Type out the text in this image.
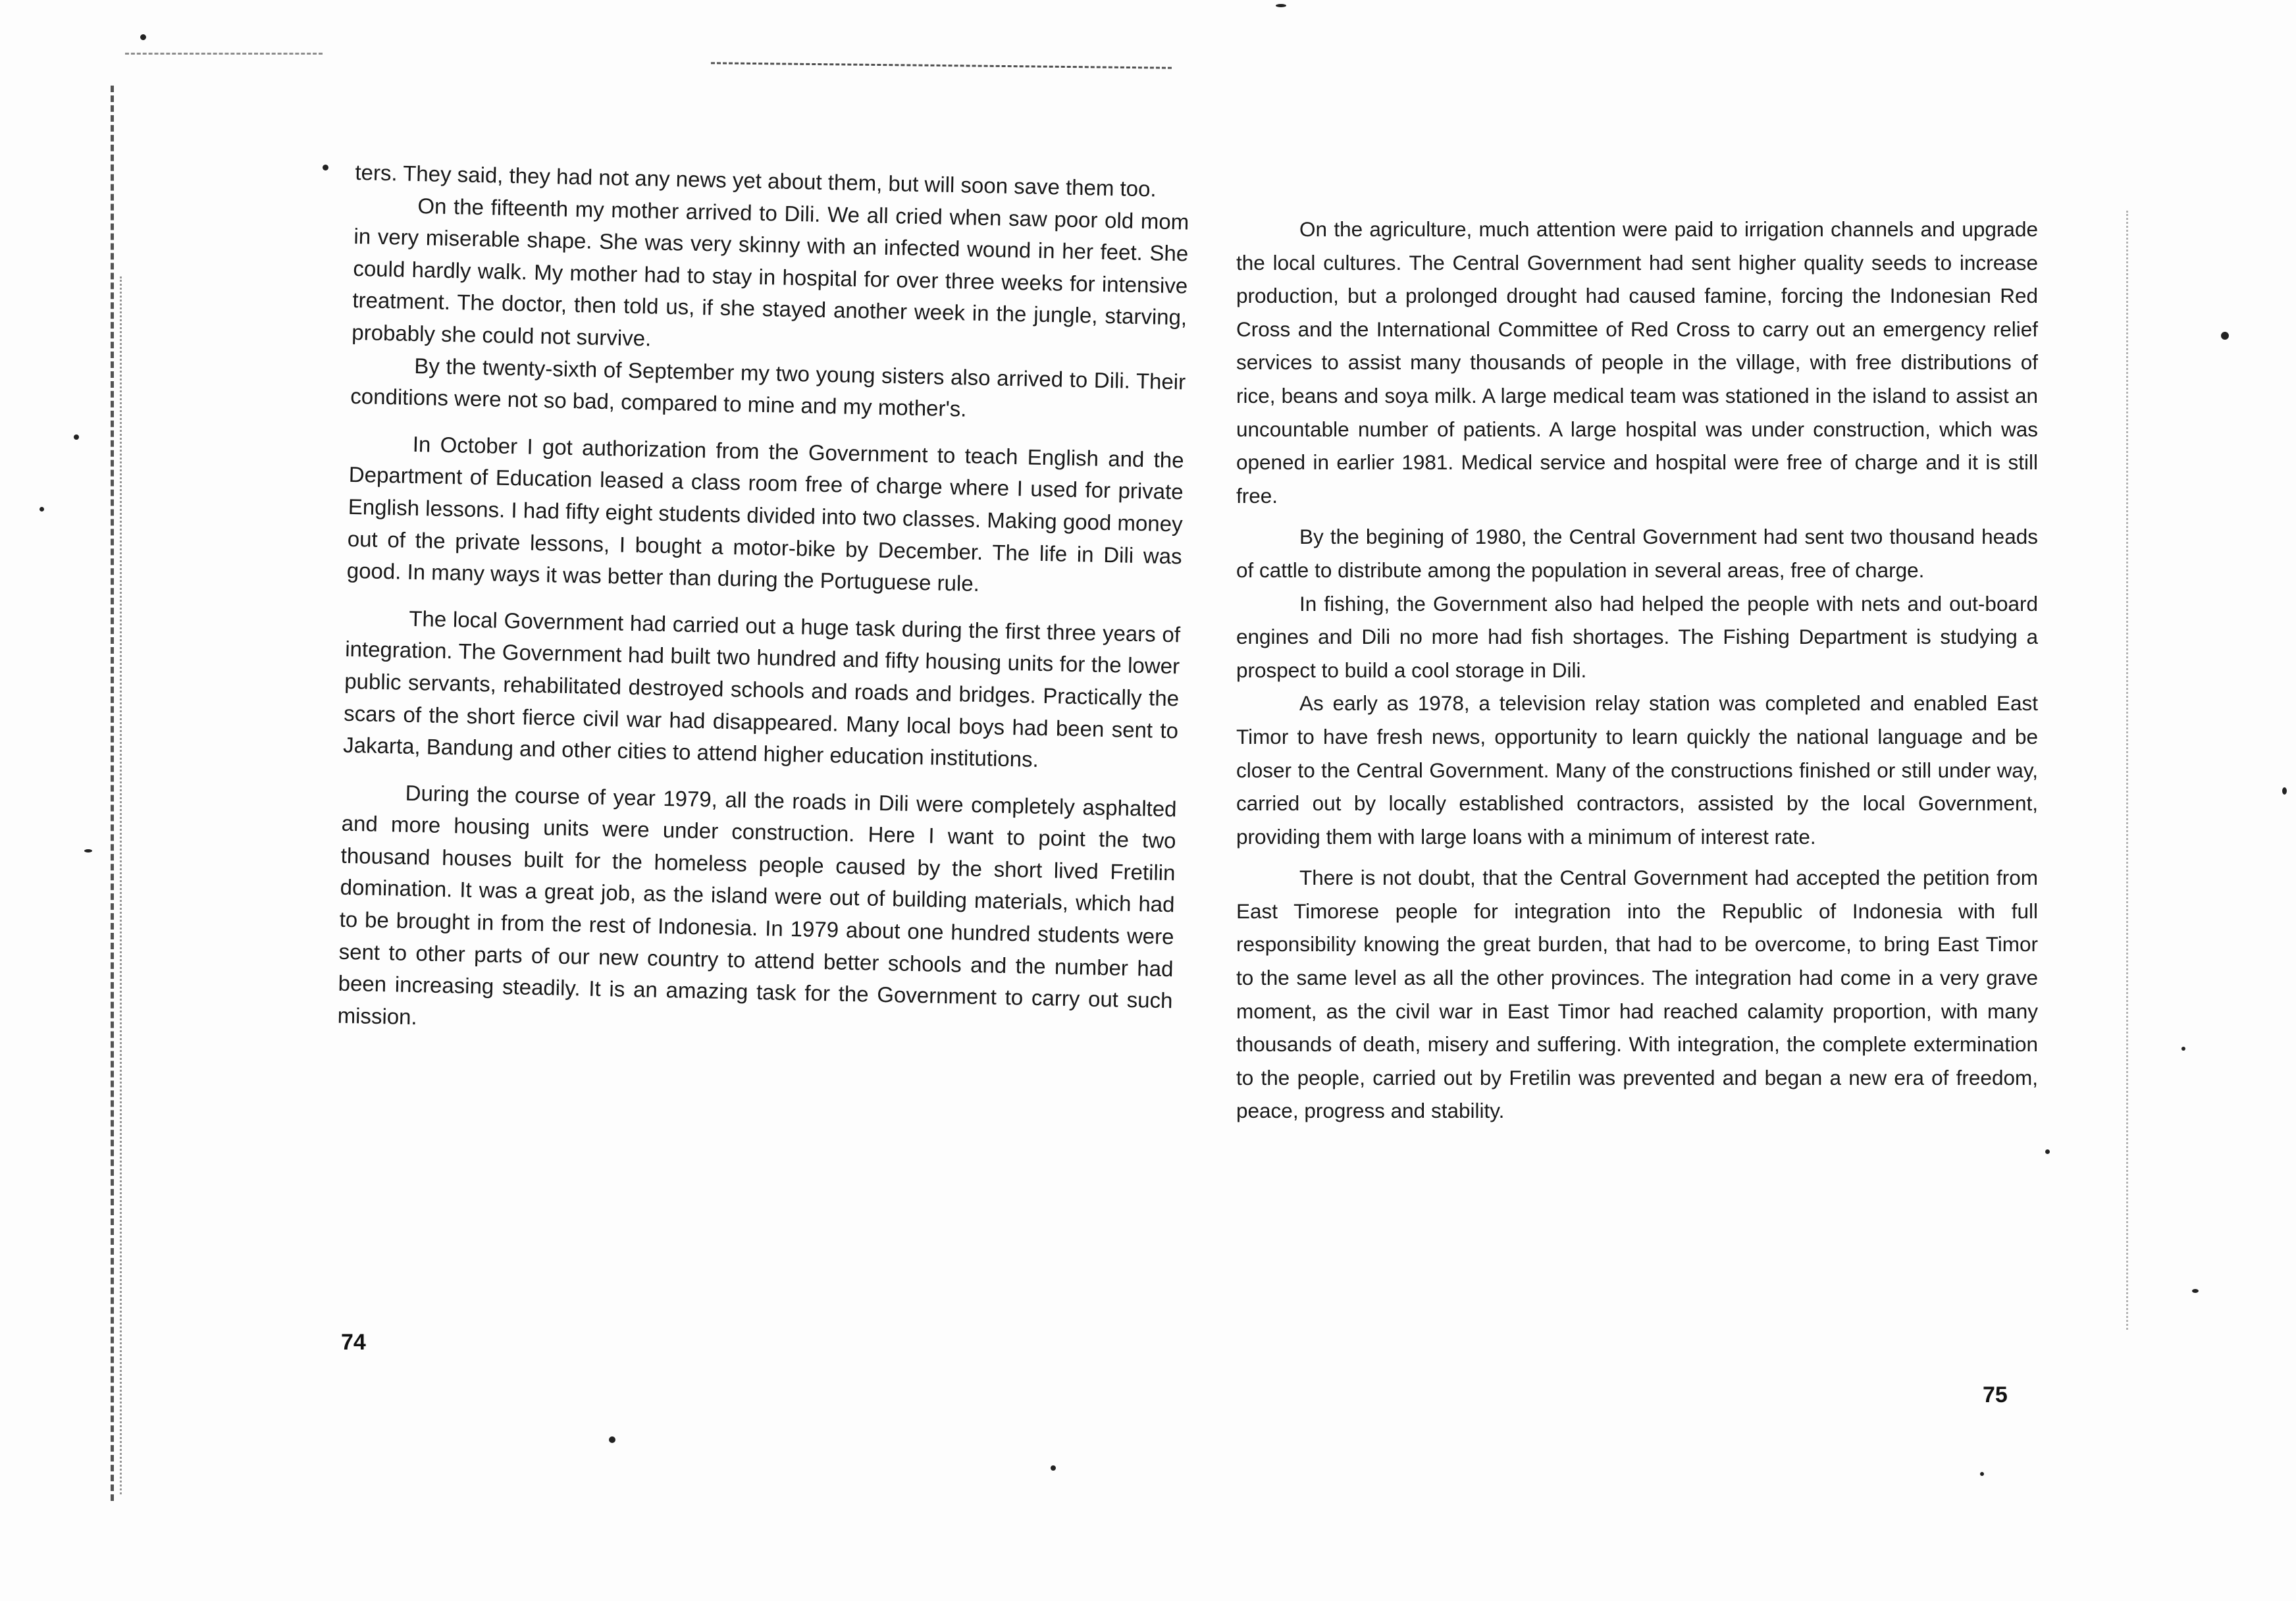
ters. They said, they had not any news yet about them, but will soon save them too.

On the fifteenth my mother arrived to Dili. We all cried when saw poor old mom in very miserable shape. She was very skinny with an infected wound in her feet. She could hardly walk. My mother had to stay in hospital for over three weeks for intensive treatment. The doctor, then told us, if she stayed another week in the jungle, starving, probably she could not survive.

By the twenty-sixth of September my two young sisters also arrived to Dili. Their conditions were not so bad, compared to mine and my mother's.

In October I got authorization from the Government to teach English and the Department of Education leased a class room free of charge where I used for private English lessons. I had fifty eight students divided into two classes. Making good money out of the private lessons, I bought a motor-bike by December. The life in Dili was good. In many ways it was better than during the Portuguese rule.

The local Government had carried out a huge task during the first three years of integration. The Government had built two hundred and fifty housing units for the lower public servants, rehabilitated destroyed schools and roads and bridges. Practically the scars of the short fierce civil war had disappeared. Many local boys had been sent to Jakarta, Bandung and other cities to attend higher education institutions.

During the course of year 1979, all the roads in Dili were completely asphalted and more housing units were under construction. Here I want to point the two thousand houses built for the homeless people caused by the short lived Fretilin domination. It was a great job, as the island were out of building materials, which had to be brought in from the rest of Indonesia. In 1979 about one hundred students were sent to other parts of our new country to attend better schools and the number had been increasing steadily. It is an amazing task for the Government to carry out such mission.

74

On the agriculture, much attention were paid to irrigation channels and upgrade the local cultures. The Central Government had sent higher quality seeds to increase production, but a prolonged drought had caused famine, forcing the Indonesian Red Cross and the International Committee of Red Cross to carry out an emergency relief services to assist many thousands of people in the village, with free distributions of rice, beans and soya milk. A large medical team was stationed in the island to assist an uncountable number of patients. A large hospital was under construction, which was opened in earlier 1981. Medical service and hospital were free of charge and it is still free.

By the begining of 1980, the Central Government had sent two thousand heads of cattle to distribute among the population in several areas, free of charge.

In fishing, the Government also had helped the people with nets and out-board engines and Dili no more had fish shortages. The Fishing Department is studying a prospect to build a cool storage in Dili.

As early as 1978, a television relay station was completed and enabled East Timor to have fresh news, opportunity to learn quickly the national language and be closer to the Central Government. Many of the constructions finished or still under way, carried out by locally established contractors, assisted by the local Government, providing them with large loans with a minimum of interest rate.

There is not doubt, that the Central Government had accepted the petition from East Timorese people for integration into the Republic of Indonesia with full responsibility knowing the great burden, that had to be overcome, to bring East Timor to the same level as all the other provinces. The integration had come in a very grave moment, as the civil war in East Timor had reached calamity proportion, with many thousands of death, misery and suffering. With integration, the complete extermination to the people, carried out by Fretilin was prevented and began a new era of freedom, peace, progress and stability.

75
